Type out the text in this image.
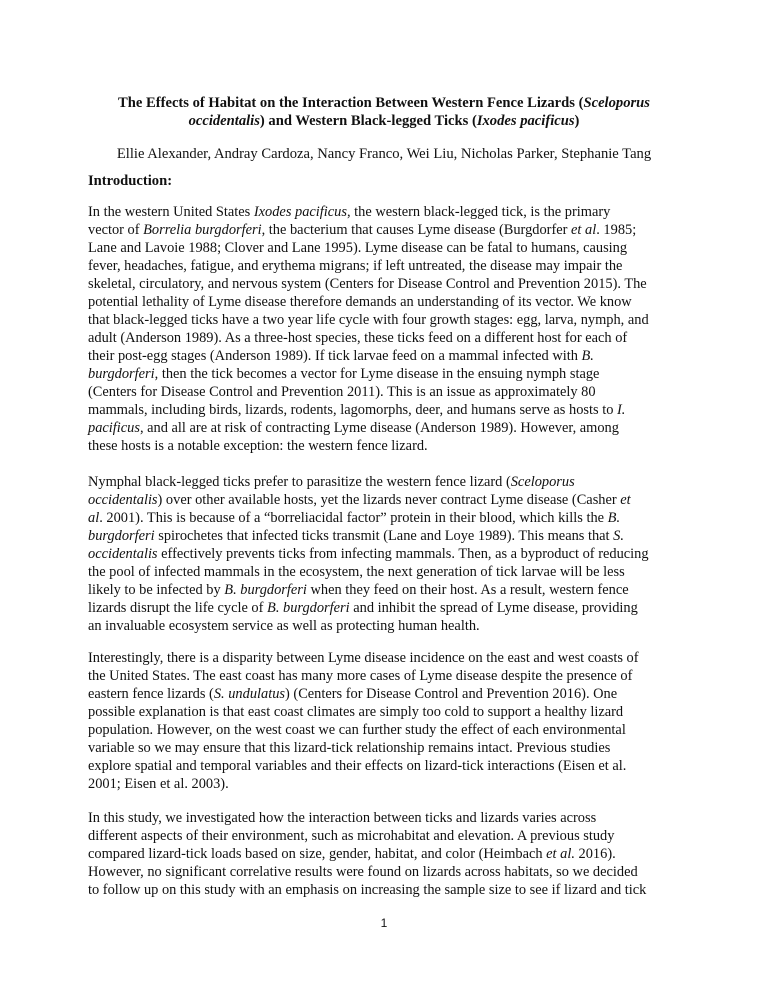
The Effects of Habitat on the Interaction Between Western Fence Lizards (Sceloporus
occidentalis) and Western Black-legged Ticks (Ixodes pacificus)
Ellie Alexander, Andray Cardoza, Nancy Franco, Wei Liu, Nicholas Parker, Stephanie Tang
Introduction:
In the western United States Ixodes pacificus, the western black-legged tick, is the primary
vector of Borrelia burgdorferi, the bacterium that causes Lyme disease (Burgdorfer et al. 1985;
Lane and Lavoie 1988; Clover and Lane 1995). Lyme disease can be fatal to humans, causing
fever, headaches, fatigue, and erythema migrans; if left untreated, the disease may impair the
skeletal, circulatory, and nervous system (Centers for Disease Control and Prevention 2015). The
potential lethality of Lyme disease therefore demands an understanding of its vector. We know
that black-legged ticks have a two year life cycle with four growth stages: egg, larva, nymph, and
adult (Anderson 1989). As a three-host species, these ticks feed on a different host for each of
their post-egg stages (Anderson 1989). If tick larvae feed on a mammal infected with B.
burgdorferi, then the tick becomes a vector for Lyme disease in the ensuing nymph stage
(Centers for Disease Control and Prevention 2011). This is an issue as approximately 80
mammals, including birds, lizards, rodents, lagomorphs, deer, and humans serve as hosts to I.
pacificus, and all are at risk of contracting Lyme disease (Anderson 1989). However, among
these hosts is a notable exception: the western fence lizard.
Nymphal black-legged ticks prefer to parasitize the western fence lizard (Sceloporus
occidentalis) over other available hosts, yet the lizards never contract Lyme disease (Casher et
al. 2001). This is because of a “borreliacidal factor” protein in their blood, which kills the B.
burgdorferi spirochetes that infected ticks transmit (Lane and Loye 1989). This means that S.
occidentalis effectively prevents ticks from infecting mammals. Then, as a byproduct of reducing
the pool of infected mammals in the ecosystem, the next generation of tick larvae will be less
likely to be infected by B. burgdorferi when they feed on their host. As a result, western fence
lizards disrupt the life cycle of B. burgdorferi and inhibit the spread of Lyme disease, providing
an invaluable ecosystem service as well as protecting human health.
Interestingly, there is a disparity between Lyme disease incidence on the east and west coasts of
the United States. The east coast has many more cases of Lyme disease despite the presence of
eastern fence lizards (S. undulatus) (Centers for Disease Control and Prevention 2016). One
possible explanation is that east coast climates are simply too cold to support a healthy lizard
population. However, on the west coast we can further study the effect of each environmental
variable so we may ensure that this lizard-tick relationship remains intact. Previous studies
explore spatial and temporal variables and their effects on lizard-tick interactions (Eisen et al.
2001; Eisen et al. 2003).
In this study, we investigated how the interaction between ticks and lizards varies across
different aspects of their environment, such as microhabitat and elevation. A previous study
compared lizard-tick loads based on size, gender, habitat, and color (Heimbach et al. 2016).
However, no significant correlative results were found on lizards across habitats, so we decided
to follow up on this study with an emphasis on increasing the sample size to see if lizard and tick
1
